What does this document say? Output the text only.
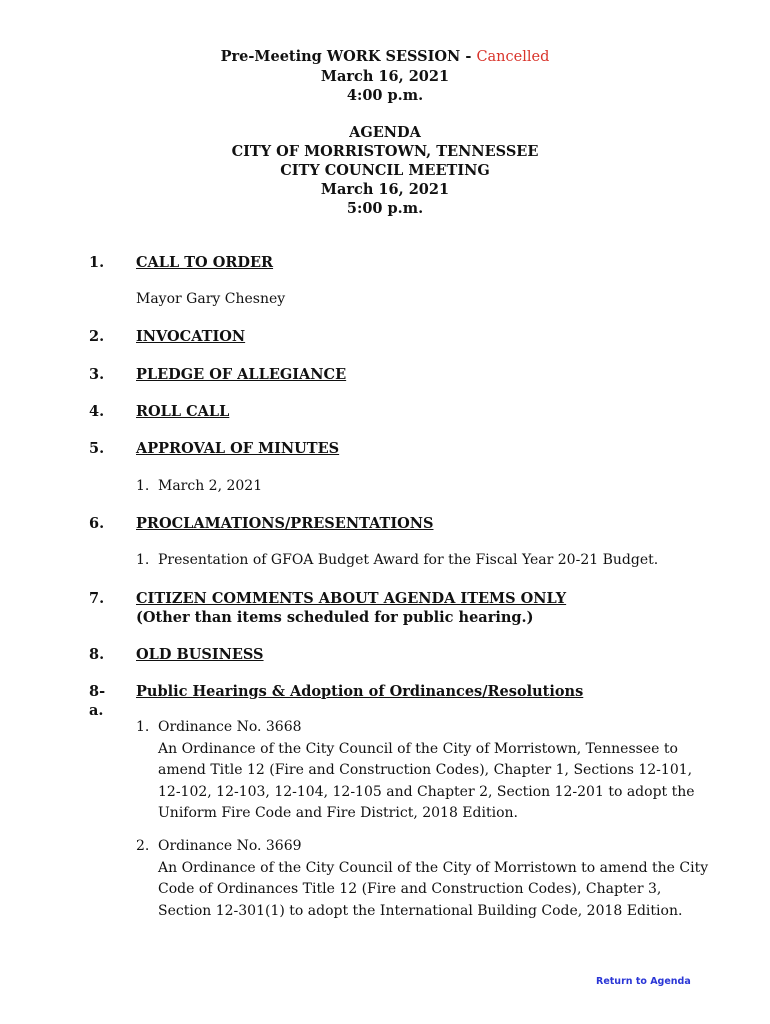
Pre-Meeting WORK SESSION - Cancelled
March 16, 2021
4:00 p.m.
AGENDA
CITY OF MORRISTOWN, TENNESSEE
CITY COUNCIL MEETING
March 16, 2021
5:00 p.m.
1. CALL TO ORDER
Mayor Gary Chesney
2. INVOCATION
3. PLEDGE OF ALLEGIANCE
4. ROLL CALL
5. APPROVAL OF MINUTES
1. March 2, 2021
6. PROCLAMATIONS/PRESENTATIONS
1. Presentation of GFOA Budget Award for the Fiscal Year 20-21 Budget.
7. CITIZEN COMMENTS ABOUT AGENDA ITEMS ONLY
(Other than items scheduled for public hearing.)
8. OLD BUSINESS
8-a.
Public Hearings & Adoption of Ordinances/Resolutions
1. Ordinance No. 3668
An Ordinance of the City Council of the City of Morristown, Tennessee to
amend Title 12 (Fire and Construction Codes), Chapter 1, Sections 12-101,
12-102, 12-103, 12-104, 12-105 and Chapter 2, Section 12-201 to adopt the
Uniform Fire Code and Fire District, 2018 Edition.
2. Ordinance No. 3669
An Ordinance of the City Council of the City of Morristown to amend the City
Code of Ordinances Title 12 (Fire and Construction Codes), Chapter 3,
Section 12-301(1) to adopt the International Building Code, 2018 Edition.
Return to Agenda
